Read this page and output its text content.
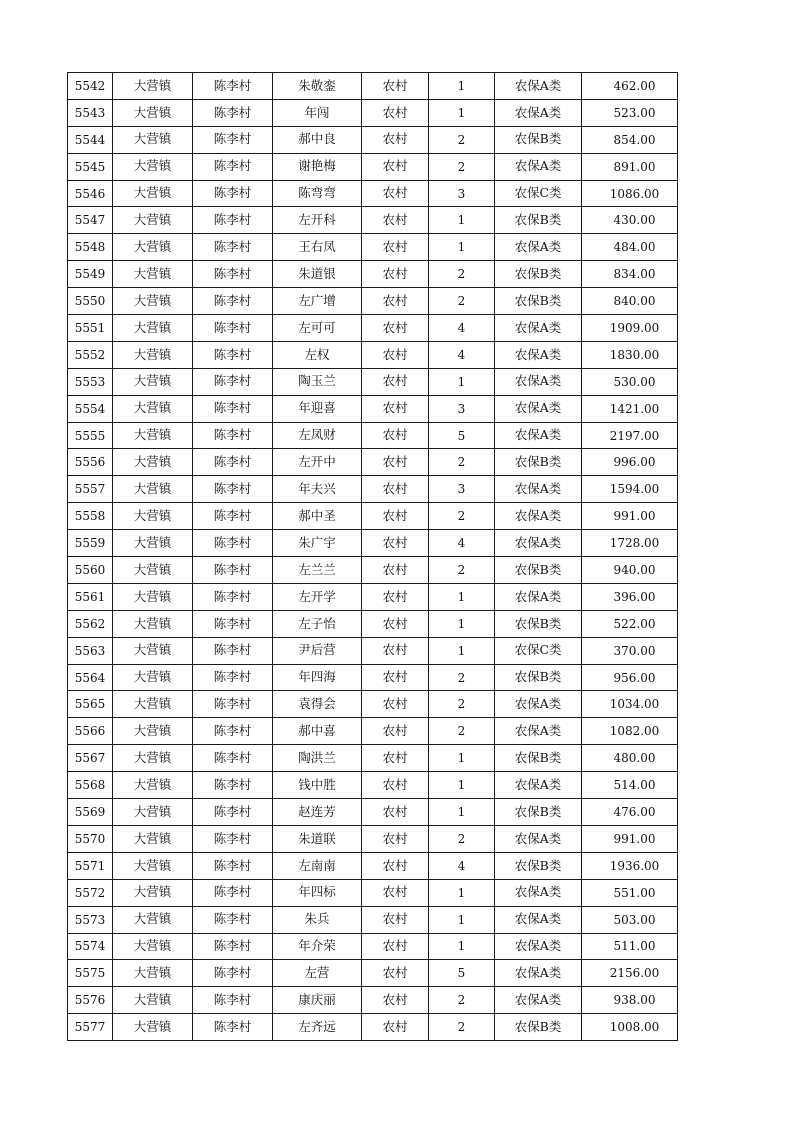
5542	大营镇	陈李村	朱敬銮	农村	1	农保A类	462.00
5543	大营镇	陈李村	年闯	农村	1	农保A类	523.00
5544	大营镇	陈李村	郝中良	农村	2	农保B类	854.00
5545	大营镇	陈李村	谢艳梅	农村	2	农保A类	891.00
5546	大营镇	陈李村	陈弯弯	农村	3	农保C类	1086.00
5547	大营镇	陈李村	左开科	农村	1	农保B类	430.00
5548	大营镇	陈李村	王右凤	农村	1	农保A类	484.00
5549	大营镇	陈李村	朱道银	农村	2	农保B类	834.00
5550	大营镇	陈李村	左广增	农村	2	农保B类	840.00
5551	大营镇	陈李村	左可可	农村	4	农保A类	1909.00
5552	大营镇	陈李村	左权	农村	4	农保A类	1830.00
5553	大营镇	陈李村	陶玉兰	农村	1	农保A类	530.00
5554	大营镇	陈李村	年迎喜	农村	3	农保A类	1421.00
5555	大营镇	陈李村	左凤财	农村	5	农保A类	2197.00
5556	大营镇	陈李村	左开中	农村	2	农保B类	996.00
5557	大营镇	陈李村	年夫兴	农村	3	农保A类	1594.00
5558	大营镇	陈李村	郝中圣	农村	2	农保A类	991.00
5559	大营镇	陈李村	朱广宇	农村	4	农保A类	1728.00
5560	大营镇	陈李村	左兰兰	农村	2	农保B类	940.00
5561	大营镇	陈李村	左开学	农村	1	农保A类	396.00
5562	大营镇	陈李村	左子怡	农村	1	农保B类	522.00
5563	大营镇	陈李村	尹后营	农村	1	农保C类	370.00
5564	大营镇	陈李村	年四海	农村	2	农保B类	956.00
5565	大营镇	陈李村	袁得会	农村	2	农保A类	1034.00
5566	大营镇	陈李村	郝中喜	农村	2	农保A类	1082.00
5567	大营镇	陈李村	陶洪兰	农村	1	农保B类	480.00
5568	大营镇	陈李村	钱中胜	农村	1	农保A类	514.00
5569	大营镇	陈李村	赵连芳	农村	1	农保B类	476.00
5570	大营镇	陈李村	朱道联	农村	2	农保A类	991.00
5571	大营镇	陈李村	左南南	农村	4	农保B类	1936.00
5572	大营镇	陈李村	年四标	农村	1	农保A类	551.00
5573	大营镇	陈李村	朱兵	农村	1	农保A类	503.00
5574	大营镇	陈李村	年介荣	农村	1	农保A类	511.00
5575	大营镇	陈李村	左营	农村	5	农保A类	2156.00
5576	大营镇	陈李村	康庆丽	农村	2	农保A类	938.00
5577	大营镇	陈李村	左齐远	农村	2	农保B类	1008.00
